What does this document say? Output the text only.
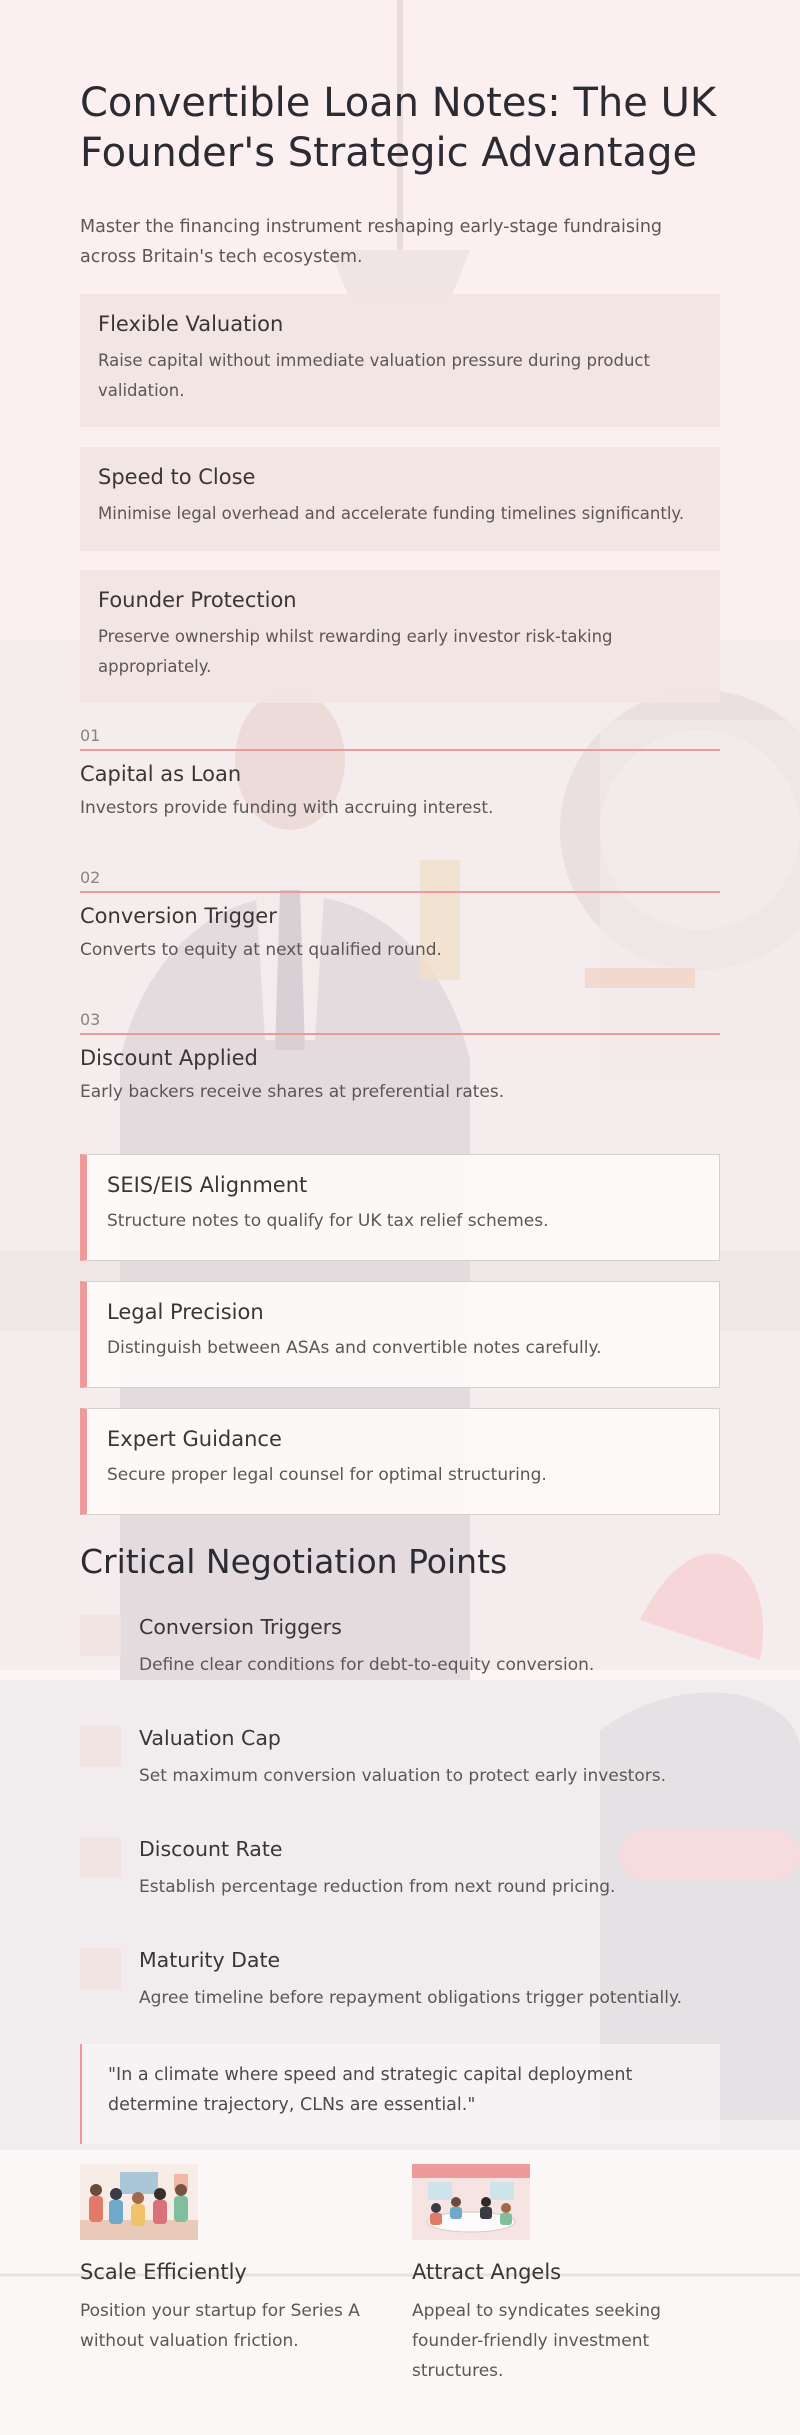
Convertible Loan Notes: The UK Founder's Strategic Advantage

Master the financing instrument reshaping early-stage fundraising across Britain's tech ecosystem.

Flexible Valuation

Raise capital without immediate valuation pressure during product validation.

Speed to Close

Minimise legal overhead and accelerate funding timelines significantly.

Founder Protection

Preserve ownership whilst rewarding early investor risk-taking appropriately.

01
Capital as Loan

Investors provide funding with accruing interest.

02
Conversion Trigger

Converts to equity at next qualified round.

03
Discount Applied

Early backers receive shares at preferential rates.

SEIS/EIS Alignment

Structure notes to qualify for UK tax relief schemes.

Legal Precision

Distinguish between ASAs and convertible notes carefully.

Expert Guidance

Secure proper legal counsel for optimal structuring.

Critical Negotiation Points
Conversion Triggers

Define clear conditions for debt-to-equity conversion.

Valuation Cap

Set maximum conversion valuation to protect early investors.

Discount Rate

Establish percentage reduction from next round pricing.

Maturity Date

Agree timeline before repayment obligations trigger potentially.

"In a climate where speed and strategic capital deployment determine trajectory, CLNs are essential."

Scale Efficiently

Position your startup for Series A without valuation friction.

Attract Angels

Appeal to syndicates seeking founder-friendly investment structures.
